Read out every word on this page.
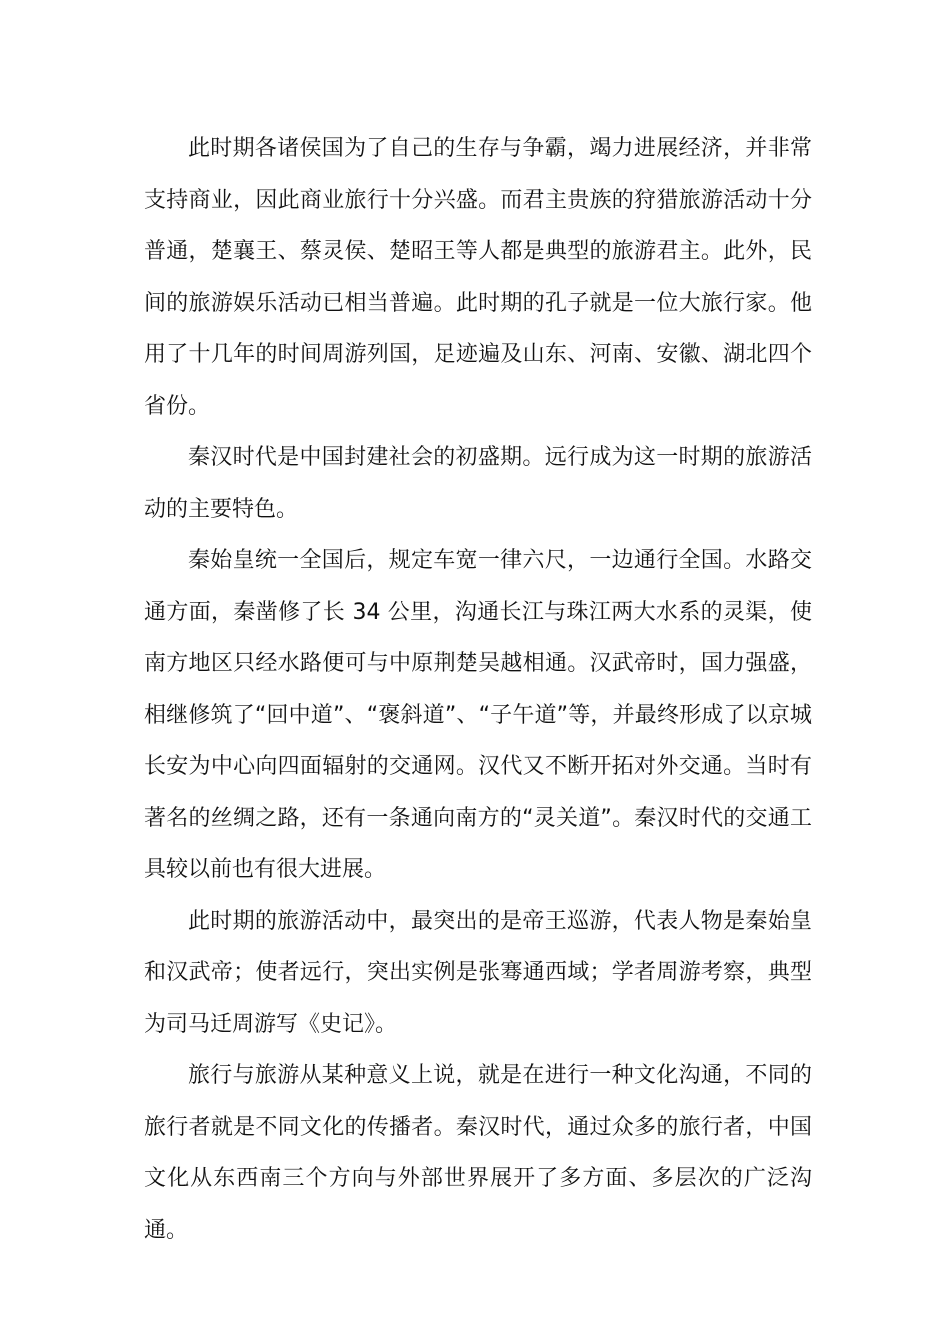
此时期各诸侯国为了自己的生存与争霸，竭力进展经济，并非常支持商业，因此商业旅行十分兴盛。而君主贵族的狩猎旅游活动十分普通，楚襄王、蔡灵侯、楚昭王等人都是典型的旅游君主。此外，民间的旅游娱乐活动已相当普遍。此时期的孔子就是一位大旅行家。他用了十几年的时间周游列国，足迹遍及山东、河南、安徽、湖北四个省份。

秦汉时代是中国封建社会的初盛期。远行成为这一时期的旅游活动的主要特色。

秦始皇统一全国后，规定车宽一律六尺，一边通行全国。水路交通方面，秦凿修了长 34 公里，沟通长江与珠江两大水系的灵渠，使南方地区只经水路便可与中原荆楚吴越相通。汉武帝时，国力强盛，相继修筑了“回中道”、“褒斜道”、“子午道”等，并最终形成了以京城长安为中心向四面辐射的交通网。汉代又不断开拓对外交通。当时有著名的丝绸之路，还有一条通向南方的“灵关道”。秦汉时代的交通工具较以前也有很大进展。

此时期的旅游活动中，最突出的是帝王巡游，代表人物是秦始皇和汉武帝；使者远行，突出实例是张骞通西域；学者周游考察，典型为司马迁周游写《史记》。

旅行与旅游从某种意义上说，就是在进行一种文化沟通，不同的旅行者就是不同文化的传播者。秦汉时代，通过众多的旅行者，中国文化从东西南三个方向与外部世界展开了多方面、多层次的广泛沟通。
